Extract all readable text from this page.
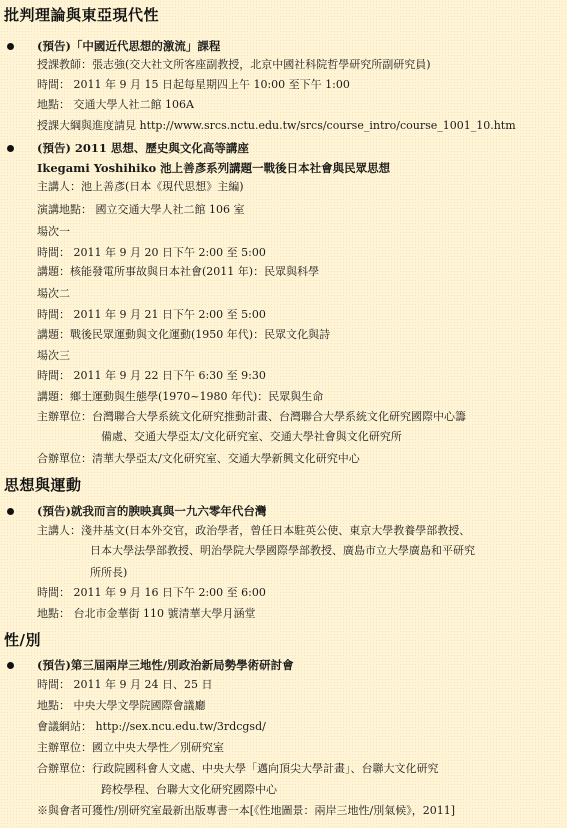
批判理論與東亞現代性
(預告)「中國近代思想的激流」課程
授課教師：張志強(交大社文所客座副教授，北京中國社科院哲學研究所副研究員)
時間： 2011 年 9 月 15 日起每星期四上午 10:00 至下午 1:00
地點： 交通大學人社二館 106A
授課大綱與進度請見 http://www.srcs.nctu.edu.tw/srcs/course_intro/course_1001_10.htm
(預告) 2011 思想、歷史與文化高等講座
Ikegami Yoshihiko 池上善彥系列講題一戰後日本社會與民眾思想
主講人：池上善彥(日本《現代思想》主編)
演講地點： 國立交通大學人社二館 106 室
場次一
時間： 2011 年 9 月 20 日下午 2:00 至 5:00
講題：核能發電所事故與日本社會(2011 年)：民眾與科學
場次二
時間： 2011 年 9 月 21 日下午 2:00 至 5:00
講題：戰後民眾運動與文化運動(1950 年代)：民眾文化與詩
場次三
時間： 2011 年 9 月 22 日下午 6:30 至 9:30
講題：鄉土運動與生態學(1970~1980 年代)：民眾與生命
主辦單位：台灣聯合大學系統文化研究推動計畫、台灣聯合大學系統文化研究國際中心籌
備處、交通大學亞太/文化研究室、交通大學社會與文化研究所
合辦單位：清華大學亞太/文化研究室、交通大學新興文化研究中心
思想與運動
(預告)就我而言的腴映真與一九六零年代台灣
主講人：淺井基文(日本外交官，政治學者，曾任日本駐英公使、東京大學教養學部教授、
日本大學法學部教授、明治學院大學國際學部教授、廣島市立大學廣島和平研究
所所長)
時間： 2011 年 9 月 16 日下午 2:00 至 6:00
地點： 台北市金華街 110 號清華大學月涵堂
性/別
(預告)第三屆兩岸三地性/別政治新局勢學術研討會
時間： 2011 年 9 月 24 日、25 日
地點： 中央大學文學院國際會議廳
會議網站： http://sex.ncu.edu.tw/3rdcgsd/
主辦單位：國立中央大學性／別研究室
合辦單位：行政院國科會人文處、中央大學「邁向頂尖大學計畫」、台聯大文化研究
跨校學程、台聯大文化研究國際中心
※與會者可獲性/別研究室最新出版專書一本[《性地圖景：兩岸三地性/別氣候》，2011]
